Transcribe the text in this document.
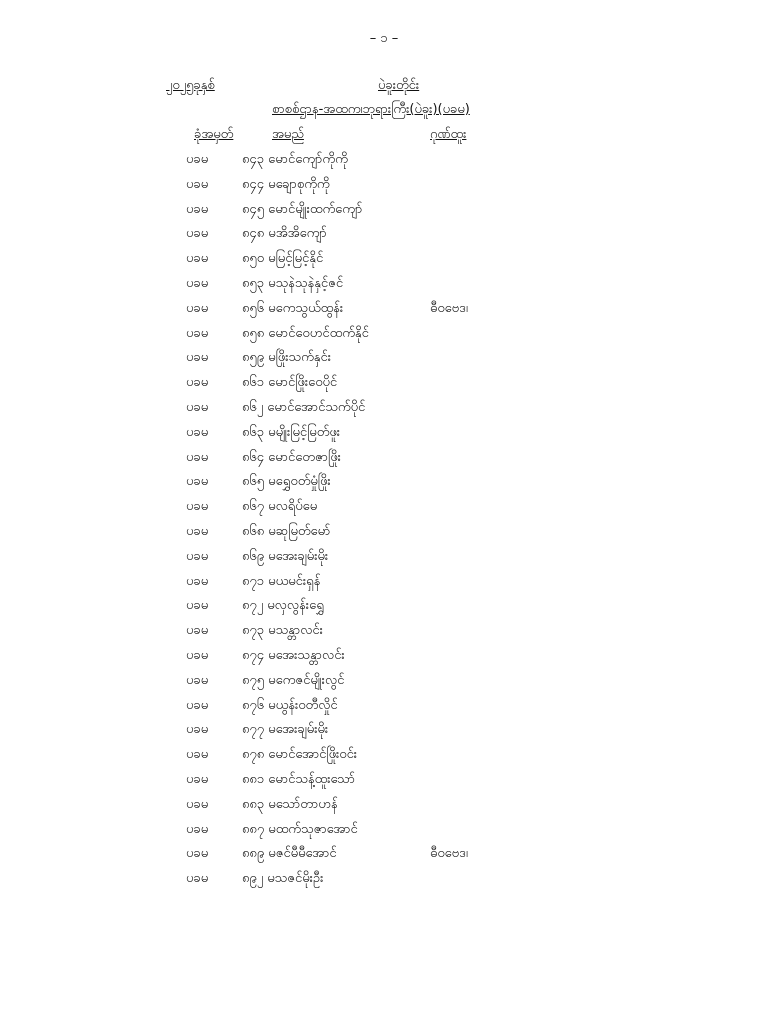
– ၁ –
၂၀၂၅ခုနှစ်	ပဲခူးတိုင်း
စာစစ်ဌာန-အထက၊ဘုရားကြီး(ပဲခူး)(ပခမ)
ခုံအမှတ်	အမည်	ဂုဏ်ထူး
ပခမ	၈၄၃ မောင်ကျော်ကိုကို
ပခမ	၈၄၄ မချောစုကိုကို
ပခမ	၈၄၅ မောင်မျိုးထက်ကျော်
ပခမ	၈၄၈ မအိအိကျော်
ပခမ	၈၅၀ မမြင့်မြင့်နိုင်
ပခမ	၈၅၃ မသုနဲသုနဲနှင့်ဇင်
ပခမ	၈၅၆ မကေသွယ်ထွန်း	ဓီ၀ဗေဒ၊
ပခမ	၈၅၈ မောင်ဝေဟင်ထက်နိုင်
ပခမ	၈၅၉ မဖြိုးသက်နှင်း
ပခမ	၈၆၁ မောင်ဖြိုးဝေပိုင်
ပခမ	၈၆၂ မောင်အောင်သက်ပိုင်
ပခမ	၈၆၃ မမျိုးမြင့်မြတ်ဖူး
ပခမ	၈၆၄ မောင်တေဇာဖြိုး
ပခမ	၈၆၅ မရွှေဝတ်မှုံဖြိုး
ပခမ	၈၆၇ မလရိပ်မေ
ပခမ	၈၆၈ မဆုမြတ်မော်
ပခမ	၈၆၉ မအေးချမ်းမိုး
ပခမ	၈၇၁ မယမင်းရှန်
ပခမ	၈၇၂ မလှလွန်းရွှေ
ပခမ	၈၇၃ မသန္တာလင်း
ပခမ	၈၇၄ မအေးသန္တာလင်း
ပခမ	၈၇၅ မကေဇင်မျိုးလွင်
ပခမ	၈၇၆ မယွန်းဝတီလှိုင်
ပခမ	၈၇၇ မအေးချမ်းမိုး
ပခမ	၈၇၈ မောင်အောင်ဖြိုးဝင်း
ပခမ	၈၈၁ မောင်သန့်ထူးသော်
ပခမ	၈၈၃ မသော်တာဟန်
ပခမ	၈၈၇ မထက်သုဇာအောင်
ပခမ	၈၈၉ မဇင်မီမီအောင်	ဓီ၀ဗေဒ၊
ပခမ	၈၉၂ မသဇင်မိုးဦး
